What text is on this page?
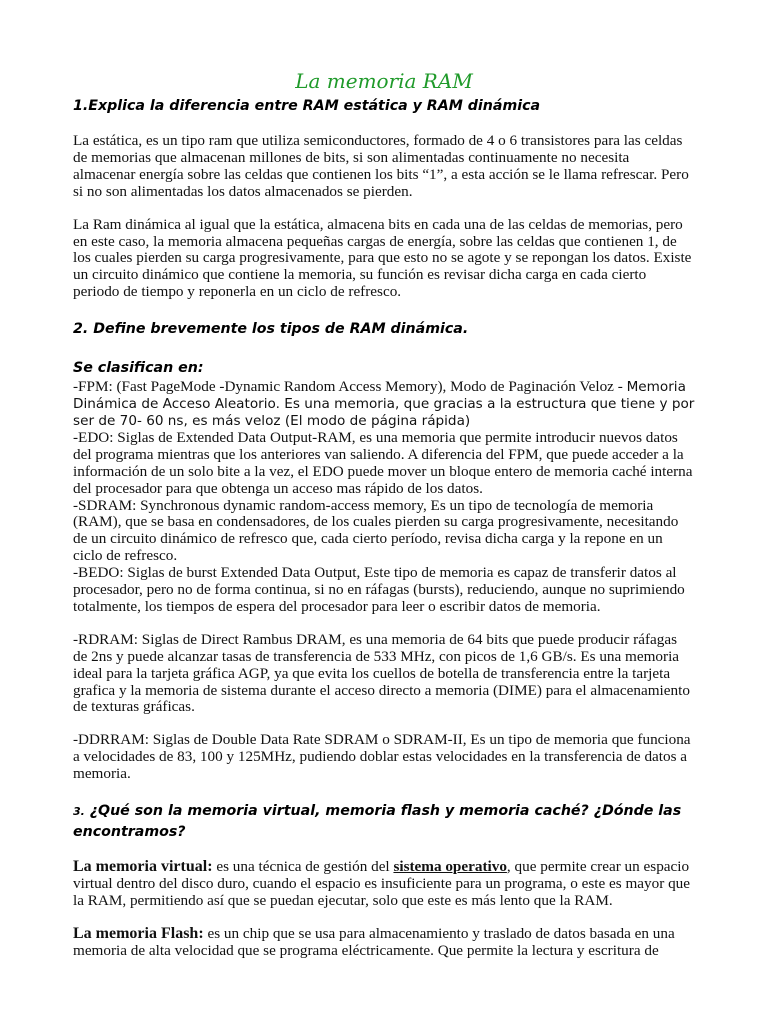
La memoria RAM
1.Explica la diferencia entre RAM estática y RAM dinámica

La estática, es un tipo ram que utiliza semiconductores, formado de 4 o 6 transistores para las celdas de memorias que almacenan millones de bits, si son alimentadas continuamente no necesita almacenar energía sobre las celdas que contienen los bits “1”, a esta acción se le llama refrescar. Pero si no son alimentadas los datos almacenados se pierden.

La Ram dinámica al igual que la estática, almacena bits en cada una de las celdas de memorias, pero en este caso, la memoria almacena pequeñas cargas de energía, sobre las celdas que contienen 1, de los cuales pierden su carga progresivamente, para que esto no se agote y se repongan los datos. Existe un circuito dinámico que contiene la memoria, su función es revisar dicha carga en cada cierto periodo de tiempo y reponerla en un ciclo de refresco.

2. Define brevemente los tipos de RAM dinámica.
Se clasifican en:

-FPM: (Fast PageMode -Dynamic Random Access Memory), Modo de Paginación Veloz - Memoria Dinámica de Acceso Aleatorio. Es una memoria, que gracias a la estructura que tiene y por ser de 70- 60 ns, es más veloz (El modo de página rápida)

-EDO: Siglas de Extended Data Output-RAM, es una memoria que permite introducir nuevos datos del programa mientras que los anteriores van saliendo. A diferencia del FPM, que puede acceder a la información de un solo bite a la vez, el EDO puede mover un bloque entero de memoria caché interna del procesador para que obtenga un acceso mas rápido de los datos.

-SDRAM: Synchronous dynamic random-access memory, Es un tipo de tecnología de memoria (RAM), que se basa en condensadores, de los cuales pierden su carga progresivamente, necesitando de un circuito dinámico de refresco que, cada cierto período, revisa dicha carga y la repone en un ciclo de refresco.

-BEDO: Siglas de burst Extended Data Output, Este tipo de memoria es capaz de transferir datos al procesador, pero no de forma continua, si no en ráfagas (bursts), reduciendo, aunque no suprimiendo totalmente, los tiempos de espera del procesador para leer o escribir datos de memoria.

-RDRAM: Siglas de Direct Rambus DRAM, es una memoria de 64 bits que puede producir ráfagas de 2ns y puede alcanzar tasas de transferencia de 533 MHz, con picos de 1,6 GB/s. Es una memoria ideal para la tarjeta gráfica AGP, ya que evita los cuellos de botella de transferencia entre la tarjeta grafica y la memoria de sistema durante el acceso directo a memoria (DIME) para el almacenamiento de texturas gráficas.

-DDRRAM: Siglas de Double Data Rate SDRAM o SDRAM-II, Es un tipo de memoria que funciona a velocidades de 83, 100 y 125MHz, pudiendo doblar estas velocidades en la transferencia de datos a memoria.

3. ¿Qué son la memoria virtual, memoria flash y memoria caché? ¿Dónde las encontramos?

La memoria virtual: es una técnica de gestión del sistema operativo, que permite crear un espacio virtual dentro del disco duro, cuando el espacio es insuficiente para un programa, o este es mayor que la RAM, permitiendo así que se puedan ejecutar, solo que este es más lento que la RAM.

La memoria Flash: es un chip que se usa para almacenamiento y traslado de datos basada en una memoria de alta velocidad que se programa eléctricamente. Que permite la lectura y escritura de
